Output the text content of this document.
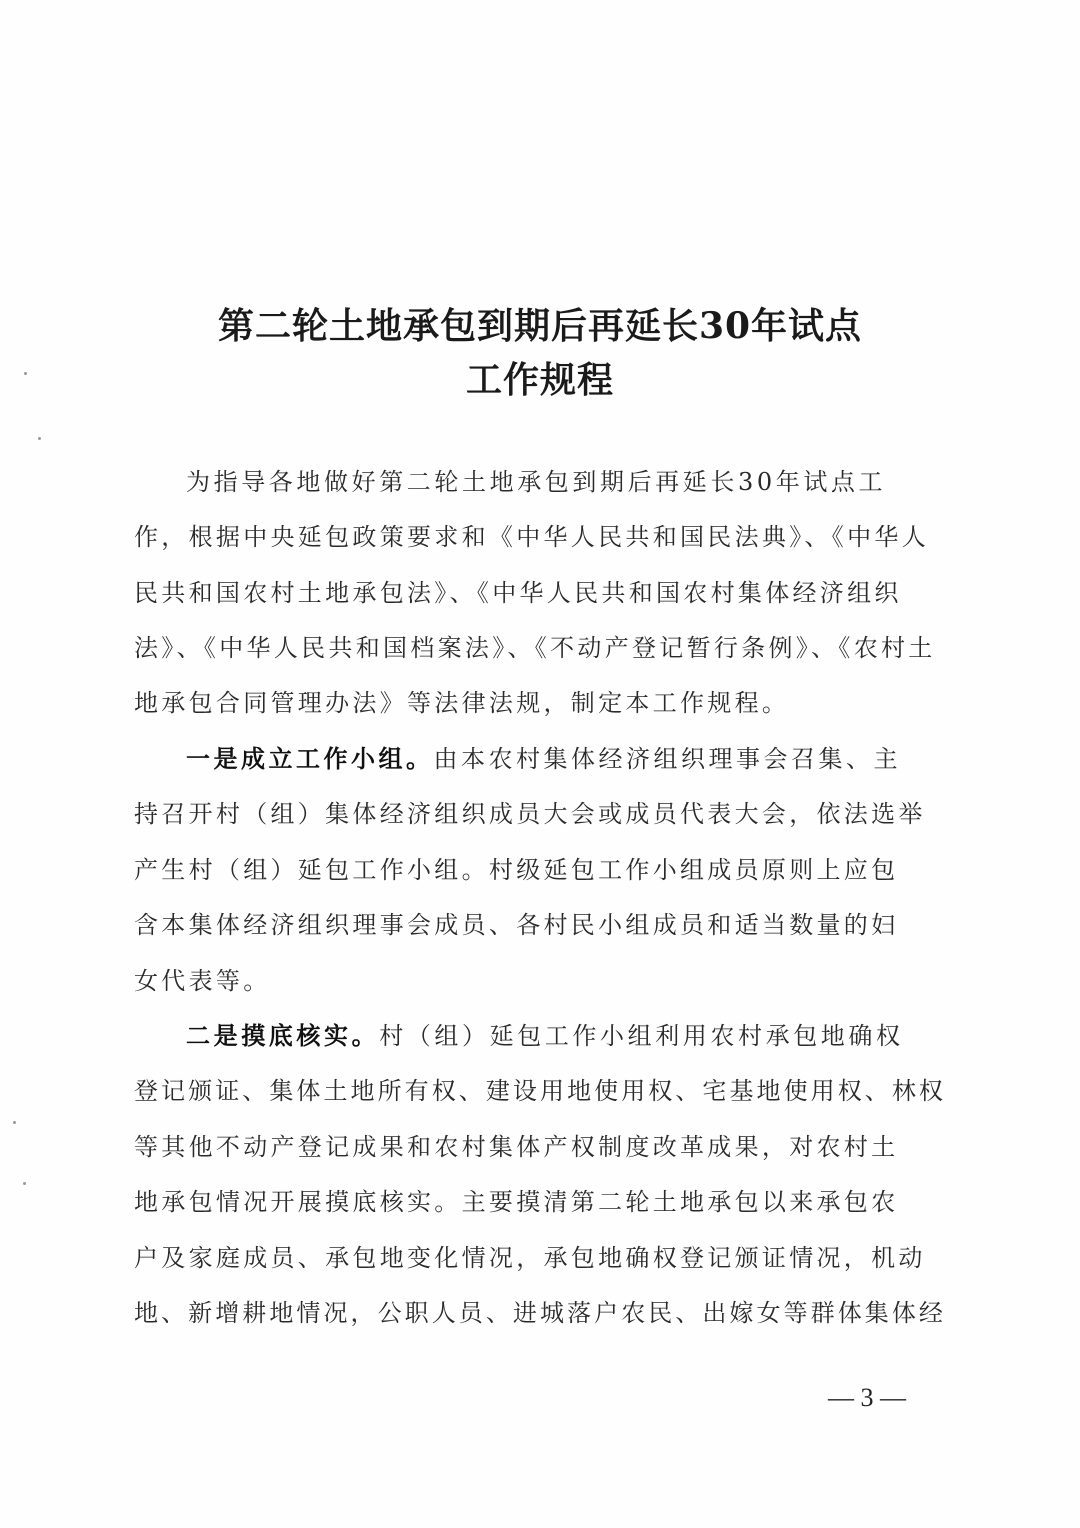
第二轮土地承包到期后再延长30年试点
工作规程
为指导各地做好第二轮土地承包到期后再延长30年试点工
作，根据中央延包政策要求和《中华人民共和国民法典》、《中华人
民共和国农村土地承包法》、《中华人民共和国农村集体经济组织
法》、《中华人民共和国档案法》、《不动产登记暂行条例》、《农村土
地承包合同管理办法》等法律法规，制定本工作规程。
一是成立工作小组。由本农村集体经济组织理事会召集、主
持召开村（组）集体经济组织成员大会或成员代表大会，依法选举
产生村（组）延包工作小组。村级延包工作小组成员原则上应包
含本集体经济组织理事会成员、各村民小组成员和适当数量的妇
女代表等。
二是摸底核实。村（组）延包工作小组利用农村承包地确权
登记颁证、集体土地所有权、建设用地使用权、宅基地使用权、林权
等其他不动产登记成果和农村集体产权制度改革成果，对农村土
地承包情况开展摸底核实。主要摸清第二轮土地承包以来承包农
户及家庭成员、承包地变化情况，承包地确权登记颁证情况，机动
地、新增耕地情况，公职人员、进城落户农民、出嫁女等群体集体经
— 3 —
